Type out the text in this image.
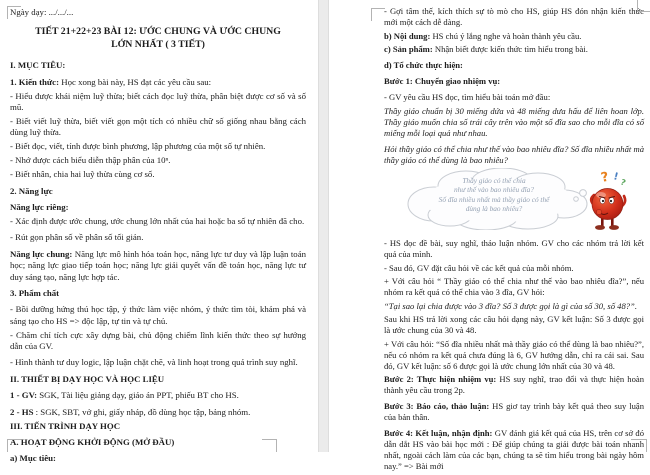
Ngày dạy: .../.../...

TIẾT 21+22+23 BÀI 12: ƯỚC CHUNG VÀ ƯỚC CHUNG LỚN NHẤT ( 3 TIẾT)

I. MỤC TIÊU:

1. Kiến thức: Học xong bài này, HS đạt các yêu cầu sau:

- Hiểu được khái niệm luỹ thừa; biết cách đọc luỹ thừa, phân biệt được cơ số và số mũ.

- Biết viết luỹ thừa, biết viết gọn một tích có nhiều chữ số giống nhau bằng cách dùng luỹ thừa.

- Biết đọc, viết, tính được bình phương, lập phương của một số tự nhiên.

- Nhớ được cách biểu diễn thập phân của 10ⁿ.

- Biết nhân, chia hai luỹ thừa cùng cơ số.

2. Năng lực

Năng lực riêng:

- Xác định được ước chung, ước chung lớn nhất của hai hoặc ba số tự nhiên đã cho.

- Rút gọn phân số về phân số tối giản.

Năng lực chung: Năng lực mô hình hóa toán học, năng lực tư duy và lập luận toán học; năng lực giao tiếp toán học; năng lực giải quyết vấn đề toán học, năng lực tư duy sáng tạo, năng lực hợp tác.

3. Phẩm chất

- Bồi dưỡng hứng thú học tập, ý thức làm việc nhóm, ý thức tìm tòi, khám phá và sáng tạo cho HS => độc lập, tự tin và tự chủ.

- Chăm chỉ tích cực xây dựng bài, chủ động chiếm lĩnh kiến thức theo sự hướng dẫn của GV.

- Hình thành tư duy logic, lập luận chặt chẽ, và linh hoạt trong quá trình suy nghĩ.

II. THIẾT BỊ DẠY HỌC VÀ HỌC LIỆU

1 - GV: SGK, Tài liệu giảng dạy, giáo án PPT, phiếu BT cho HS.

2 - HS : SGK, SBT, vở ghi, giấy nháp, đồ dùng học tập, bảng nhóm.

III. TIẾN TRÌNH DẠY HỌC

A. HOẠT ĐỘNG KHỞI ĐỘNG (MỞ ĐẦU)

a) Mục tiêu:

- Gợi tâm thế, kích thích sự tò mò cho HS, giúp HS đón nhận kiến thức mới một cách dễ dàng.

b) Nội dung: HS chú ý lắng nghe và hoàn thành yêu cầu.

c) Sản phẩm: Nhận biết được kiến thức tìm hiểu trong bài.

d) Tổ chức thực hiện:

Bước 1: Chuyển giao nhiệm vụ:

- GV yêu cầu HS đọc, tìm hiểu bài toán mở đầu:

Thầy giáo chuẩn bị 30 miếng dứa và 48 miếng dưa hấu để liên hoan lớp. Thầy giáo muốn chia số trái cây trên vào một số đĩa sao cho mỗi đĩa có số miếng mỗi loại quả như nhau.

Hỏi thầy giáo có thể chia như thế vào bao nhiêu đĩa? Số đĩa nhiều nhất mà thầy giáo có thể dùng là bao nhiêu?

Thầy giáo có thể chia
như thế vào bao nhiêu đĩa?
Số đĩa nhiều nhất mà thầy giáo có thể
dùng là bao nhiêu?
? ! ?

- HS đọc đề bài, suy nghĩ, thảo luận nhóm. GV cho các nhóm trả lời kết quả của mình.

- Sau đó, GV đặt câu hỏi về các kết quả của mỗi nhóm.

+ Với câu hỏi “ Thầy giáo có thể chia như thế vào bao nhiêu đĩa?”, nếu nhóm ra kết quả có thể chia vào 3 đĩa, GV hỏi:

“Tại sao lại chia được vào 3 đĩa? Số 3 được gọi là gì của số 30, số 48?”.

Sau khi HS trả lời xong các câu hỏi dạng này, GV kết luận: Số 3 được gọi là ước chung của 30 và 48.

+ Với câu hỏi: “Số đĩa nhiều nhất mà thầy giáo có thể dùng là bao nhiêu?”, nếu có nhóm ra kết quả chưa đúng là 6, GV hướng dẫn, chỉ ra cái sai. Sau đó, GV kết luận: số 6 được gọi là ước chung lớn nhất của 30 và 48.

Bước 2: Thực hiện nhiệm vụ: HS suy nghĩ, trao đổi và thực hiện hoàn thành yêu cầu trong 2p.

Bước 3: Báo cáo, thảo luận: HS giơ tay trình bày kết quả theo suy luận của bản thân.

Bước 4: Kết luận, nhận định: GV đánh giá kết quả của HS, trên cơ sở đó dẫn dắt HS vào bài học mới : Để giúp chúng ta giải được bài toán nhanh nhất, ngoài cách làm của các bạn, chúng ta sẽ tìm hiểu trong bài ngày hôm nay.” => Bài mới
